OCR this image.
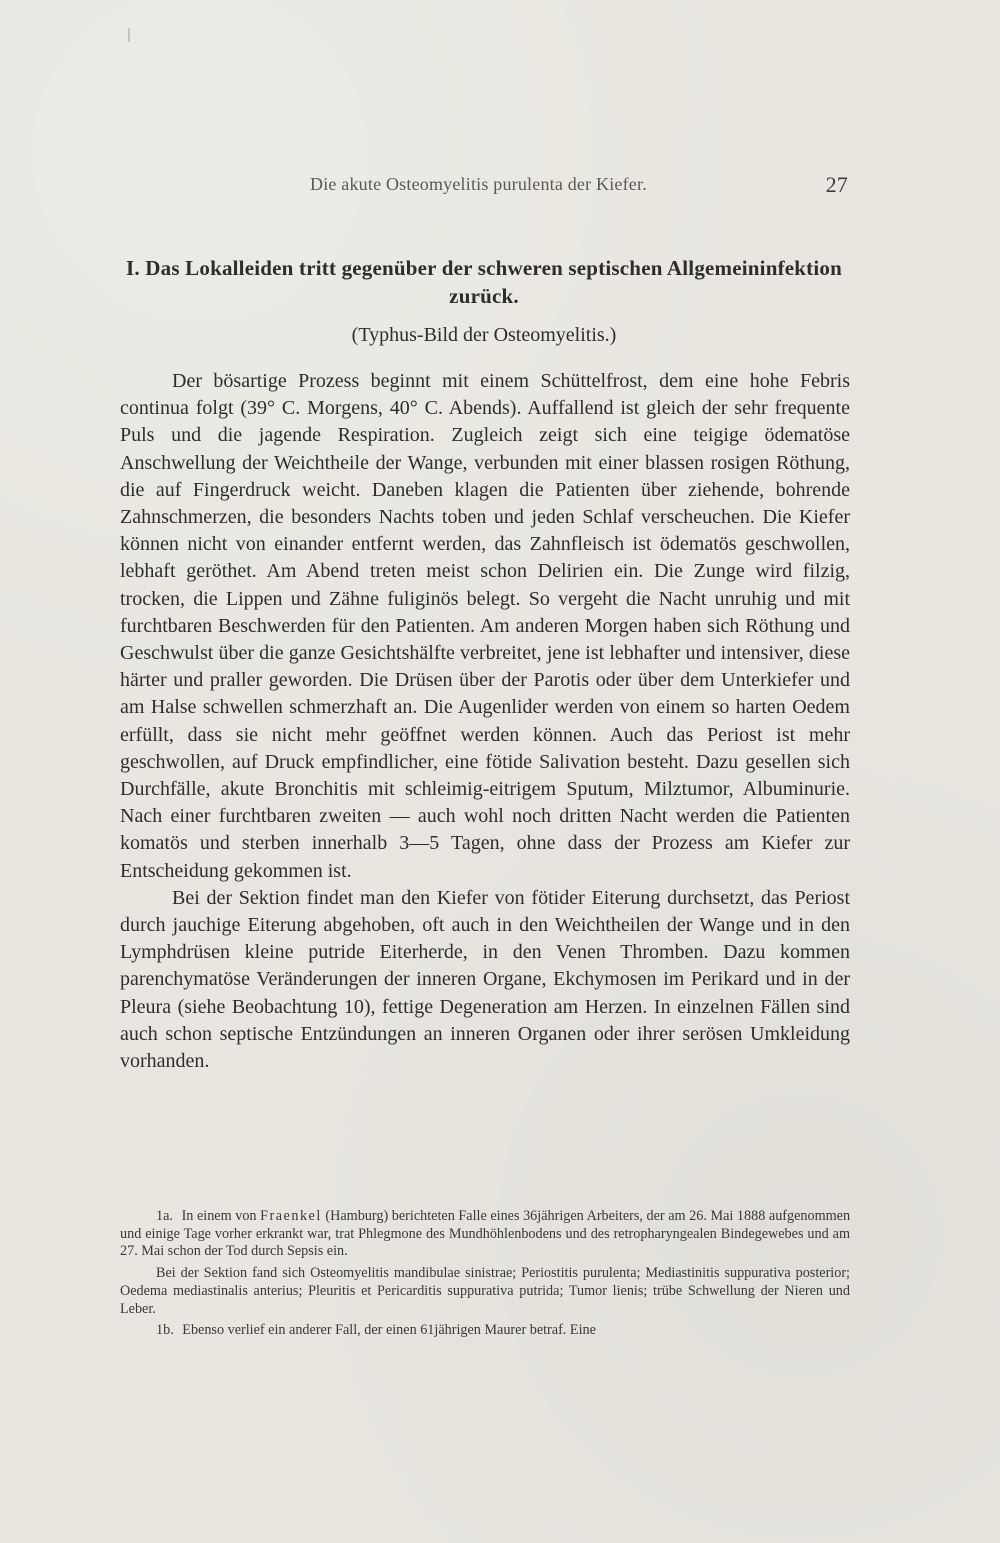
Die akute Osteomyelitis purulenta der Kiefer.	27
I. Das Lokalleiden tritt gegenüber der schweren septischen Allgemeininfektion zurück.
(Typhus-Bild der Osteomyelitis.)

Der bösartige Prozess beginnt mit einem Schüttelfrost, dem eine hohe Febris continua folgt (39° C. Morgens, 40° C. Abends). Auffallend ist gleich der sehr frequente Puls und die jagende Respiration. Zugleich zeigt sich eine teigige ödematöse Anschwellung der Weichtheile der Wange, verbunden mit einer blassen rosigen Röthung, die auf Fingerdruck weicht. Daneben klagen die Patienten über ziehende, bohrende Zahnschmerzen, die besonders Nachts toben und jeden Schlaf verscheuchen. Die Kiefer können nicht von einander entfernt werden, das Zahnfleisch ist ödematös geschwollen, lebhaft geröthet. Am Abend treten meist schon Delirien ein. Die Zunge wird filzig, trocken, die Lippen und Zähne fuliginös belegt. So vergeht die Nacht unruhig und mit furchtbaren Beschwerden für den Patienten. Am anderen Morgen haben sich Röthung und Geschwulst über die ganze Gesichtshälfte verbreitet, jene ist lebhafter und intensiver, diese härter und praller geworden. Die Drüsen über der Parotis oder über dem Unterkiefer und am Halse schwellen schmerzhaft an. Die Augenlider werden von einem so harten Oedem erfüllt, dass sie nicht mehr geöffnet werden können. Auch das Periost ist mehr geschwollen, auf Druck empfindlicher, eine fötide Salivation besteht. Dazu gesellen sich Durchfälle, akute Bronchitis mit schleimig-eitrigem Sputum, Milztumor, Albuminurie. Nach einer furchtbaren zweiten — auch wohl noch dritten Nacht werden die Patienten komatös und sterben innerhalb 3—5 Tagen, ohne dass der Prozess am Kiefer zur Entscheidung gekommen ist.

Bei der Sektion findet man den Kiefer von fötider Eiterung durchsetzt, das Periost durch jauchige Eiterung abgehoben, oft auch in den Weichtheilen der Wange und in den Lymphdrüsen kleine putride Eiterherde, in den Venen Thromben. Dazu kommen parenchymatöse Veränderungen der inneren Organe, Ekchymosen im Perikard und in der Pleura (siehe Beobachtung 10), fettige Degeneration am Herzen. In einzelnen Fällen sind auch schon septische Entzündungen an inneren Organen oder ihrer serösen Umkleidung vorhanden.

1a. In einem von Fraenkel (Hamburg) berichteten Falle eines 36jährigen Arbeiters, der am 26. Mai 1888 aufgenommen und einige Tage vorher erkrankt war, trat Phlegmone des Mundhöhlenbodens und des retropharyngealen Bindegewebes und am 27. Mai schon der Tod durch Sepsis ein.

Bei der Sektion fand sich Osteomyelitis mandibulae sinistrae; Periostitis purulenta; Mediastinitis suppurativa posterior; Oedema mediastinalis anterius; Pleuritis et Pericarditis suppurativa putrida; Tumor lienis; trübe Schwellung der Nieren und Leber.

1b. Ebenso verlief ein anderer Fall, der einen 61jährigen Maurer betraf. Eine
